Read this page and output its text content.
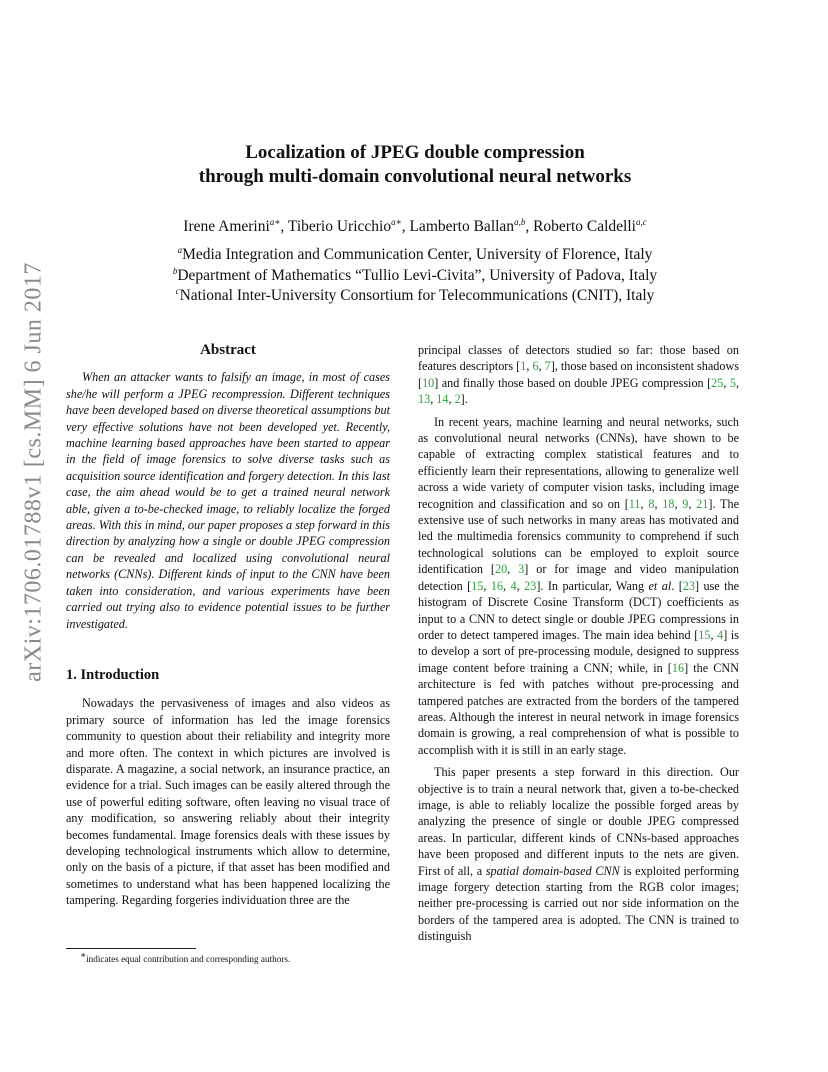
arXiv:1706.01788v1 [cs.MM] 6 Jun 2017
Localization of JPEG double compression
through multi-domain convolutional neural networks
Irene Amerini$^{a∗}$, Tiberio Uricchio$^{a∗}$, Lamberto Ballan$^{a,b}$, Roberto Caldelli$^{a,c}$
$^a$Media Integration and Communication Center, University of Florence, Italy
$^b$Department of Mathematics “Tullio Levi-Civita”, University of Padova, Italy
$^c$National Inter-University Consortium for Telecommunications (CNIT), Italy
Abstract

When an attacker wants to falsify an image, in most of cases she/he will perform a JPEG recompression. Different techniques have been developed based on diverse theoretical assumptions but very effective solutions have not been developed yet. Recently, machine learning based approaches have been started to appear in the field of image forensics to solve diverse tasks such as acquisition source identification and forgery detection. In this last case, the aim ahead would be to get a trained neural network able, given a to-be-checked image, to reliably localize the forged areas. With this in mind, our paper proposes a step forward in this direction by analyzing how a single or double JPEG compression can be revealed and localized using convolutional neural networks (CNNs). Different kinds of input to the CNN have been taken into consideration, and various experiments have been carried out trying also to evidence potential issues to be further investigated.

1. Introduction

Nowadays the pervasiveness of images and also videos as primary source of information has led the image forensics community to question about their reliability and integrity more and more often. The context in which pictures are involved is disparate. A magazine, a social network, an insurance practice, an evidence for a trial. Such images can be easily altered through the use of powerful editing software, often leaving no visual trace of any modification, so answering reliably about their integrity becomes fundamental. Image forensics deals with these issues by developing technological instruments which allow to determine, only on the basis of a picture, if that asset has been modified and sometimes to understand what has been happened localizing the tampering. Regarding forgeries individuation three are the

principal classes of detectors studied so far: those based on features descriptors [1, 6, 7], those based on inconsistent shadows [10] and finally those based on double JPEG compression [25, 5, 13, 14, 2].

In recent years, machine learning and neural networks, such as convolutional neural networks (CNNs), have shown to be capable of extracting complex statistical features and to efficiently learn their representations, allowing to generalize well across a wide variety of computer vision tasks, including image recognition and classification and so on [11, 8, 18, 9, 21]. The extensive use of such networks in many areas has motivated and led the multimedia forensics community to comprehend if such technological solutions can be employed to exploit source identification [20, 3] or for image and video manipulation detection [15, 16, 4, 23]. In particular, Wang et al. [23] use the histogram of Discrete Cosine Transform (DCT) coefficients as input to a CNN to detect single or double JPEG compressions in order to detect tampered images. The main idea behind [15, 4] is to develop a sort of pre-processing module, designed to suppress image content before training a CNN; while, in [16] the CNN architecture is fed with patches without pre-processing and tampered patches are extracted from the borders of the tampered areas. Although the interest in neural network in image forensics domain is growing, a real comprehension of what is possible to accomplish with it is still in an early stage.

This paper presents a step forward in this direction. Our objective is to train a neural network that, given a to-be-checked image, is able to reliably localize the possible forged areas by analyzing the presence of single or double JPEG compressed areas. In particular, different kinds of CNNs-based approaches have been proposed and different inputs to the nets are given. First of all, a spatial domain-based CNN is exploited performing image forgery detection starting from the RGB color images; neither pre-processing is carried out nor side information on the borders of the tampered area is adopted. The CNN is trained to distinguish

∗indicates equal contribution and corresponding authors.
